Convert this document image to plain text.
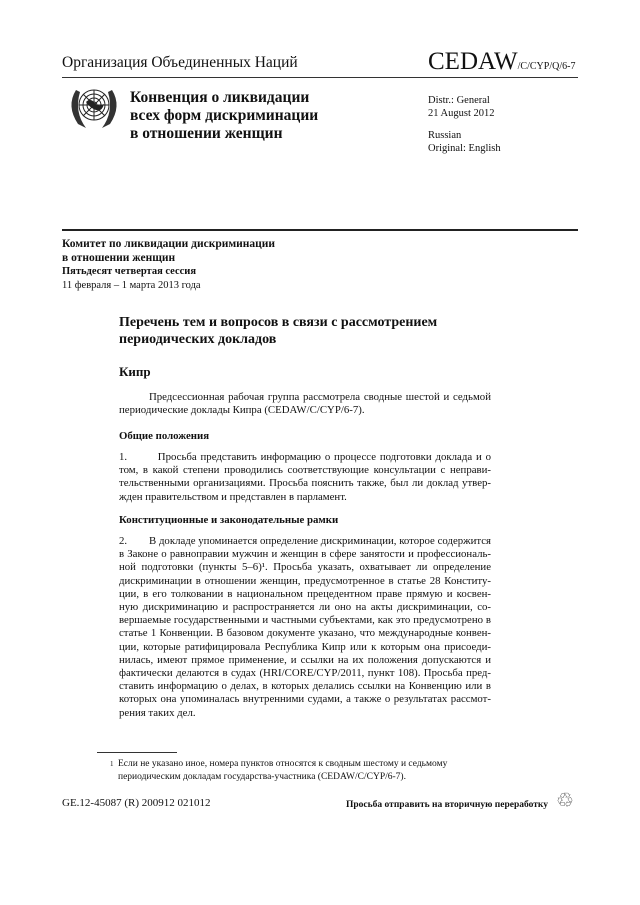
Организация Объединенных Наций	CEDAW/C/CYP/Q/6-7
Конвенция о ликвидации
всех форм дискриминации
в отношении женщин
Distr.: General
21 August 2012
Russian
Original: English
Комитет по ликвидации дискриминации
в отношении женщин
Пятьдесят четвертая сессия
11 февраля – 1 марта 2013 года
Перечень тем и вопросов в связи с рассмотрением
периодических докладов
Кипр
Предсессионная рабочая группа рассмотрела сводные шестой и седьмой
периодические доклады Кипра (CEDAW/C/CYP/6-7).
Общие положения
1.        Просьба представить информацию о процессе подготовки доклада и о
том, в какой степени проводились соответствующие консультации с неправи-
тельственными организациями. Просьба пояснить также, был ли доклад утвер-
жден правительством и представлен в парламент.
Конституционные и законодательные рамки
2.        В докладе упоминается определение дискриминации, которое содержится
в Законе о равноправии мужчин и женщин в сфере занятости и профессиональ-
ной подготовки (пункты 5–6)¹. Просьба указать, охватывает ли определение
дискриминации в отношении женщин, предусмотренное в статье 28 Конститу-
ции, в его толковании в национальном прецедентном праве прямую и косвен-
ную дискриминацию и распространяется ли оно на акты дискриминации, со-
вершаемые государственными и частными субъектами, как это предусмотрено в
статье 1 Конвенции. В базовом документе указано, что международные конвен-
ции, которые ратифицировала Республика Кипр или к которым она присоеди-
нилась, имеют прямое применение, и ссылки на их положения допускаются и
фактически делаются в судах (HRI/CORE/CYP/2011, пункт 108). Просьба пред-
ставить информацию о делах, в которых делались ссылки на Конвенцию или в
которых она упоминалась внутренними судами, а также о результатах рассмот-
рения таких дел.
1 Если не указано иное, номера пунктов относятся к сводным шестому и седьмому
периодическим докладам государства-участника (CEDAW/C/CYP/6-7).
GE.12-45087 (R) 200912 021012	Просьба отправить на вторичную переработку ♲
